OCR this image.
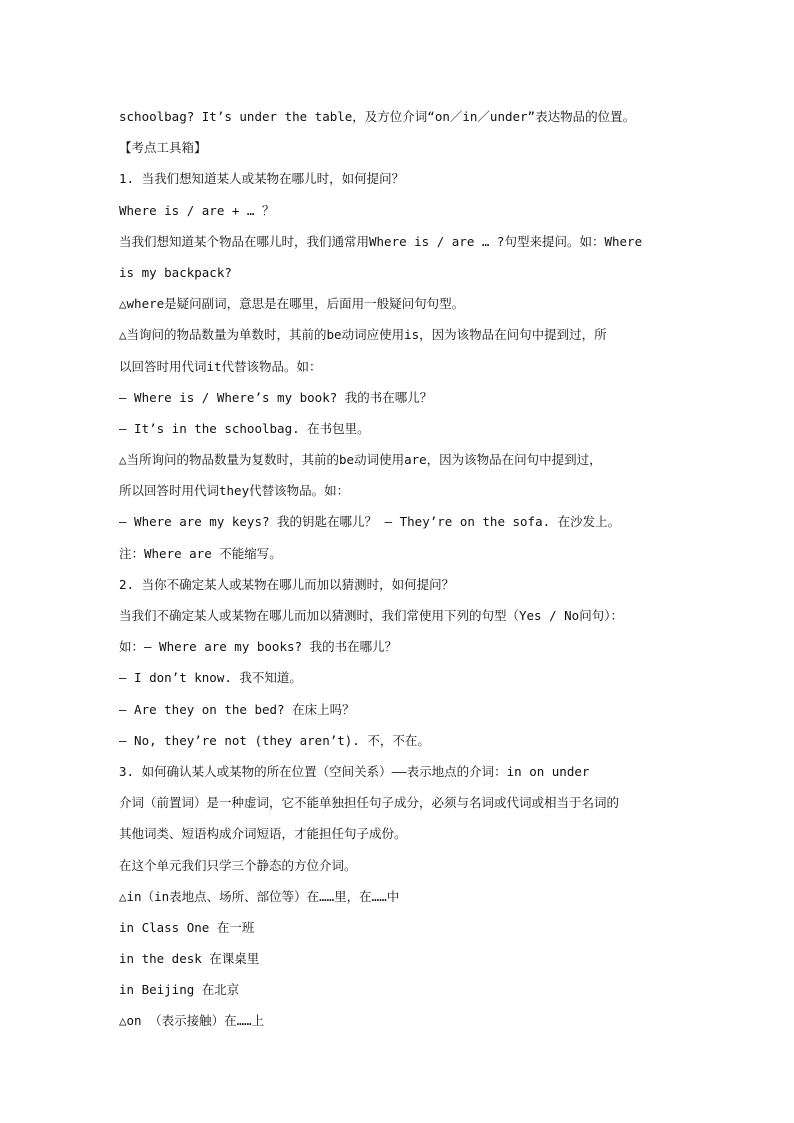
schoolbag? It’s under the table，及方位介词“on／in／under”表达物品的位置。
【考点工具箱】
1. 当我们想知道某人或某物在哪儿时，如何提问？
Where is / are + … ？
当我们想知道某个物品在哪儿时，我们通常用Where is / are … ?句型来提问。如：Where
is my backpack?
△where是疑问副词，意思是在哪里，后面用一般疑问句句型。
△当询问的物品数量为单数时，其前的be动词应使用is，因为该物品在问句中提到过，所
以回答时用代词it代替该物品。如：
— Where is / Where’s my book? 我的书在哪儿？
— It’s in the schoolbag. 在书包里。
△当所询问的物品数量为复数时，其前的be动词使用are，因为该物品在问句中提到过，
所以回答时用代词they代替该物品。如：
— Where are my keys? 我的钥匙在哪儿？ — They’re on the sofa. 在沙发上。
注：Where are 不能缩写。
2. 当你不确定某人或某物在哪儿而加以猜测时，如何提问？
当我们不确定某人或某物在哪儿而加以猜测时，我们常使用下列的句型（Yes / No问句）：
如：— Where are my books? 我的书在哪儿？
— I don’t know. 我不知道。
— Are they on the bed? 在床上吗？
— No, they’re not (they aren’t). 不，不在。
3. 如何确认某人或某物的所在位置（空间关系）——表示地点的介词：in on under
介词（前置词）是一种虚词，它不能单独担任句子成分，必须与名词或代词或相当于名词的
其他词类、短语构成介词短语，才能担任句子成份。
在这个单元我们只学三个静态的方位介词。
△in（in表地点、场所、部位等）在……里，在……中
in Class One 在一班
in the desk 在课桌里
in Beijing 在北京
△on （表示接触）在……上
